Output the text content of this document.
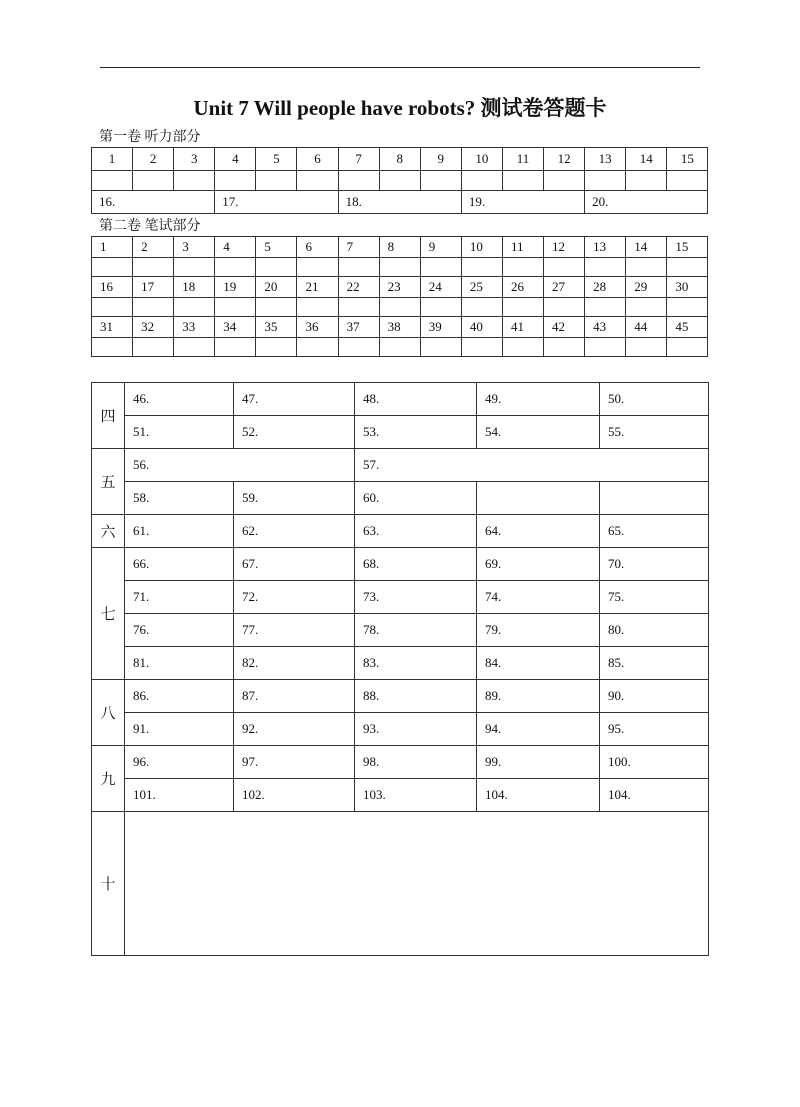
Unit 7 Will people have robots? 测试卷答题卡
第一卷 听力部分
1	2	3	4	5	6	7	8	9	10	11	12	13	14	15

16.			17.			18.			19.			20.		
第二卷 笔试部分
1	2	3	4	5	6	7	8	9	10	11	12	13	14	15

16	17	18	19	20	21	22	23	24	25	26	27	28	29	30

31	32	33	34	35	36	37	38	39	40	41	42	43	44	45

四	46.	47.	48.	49.	50.
	51.	52.	53.	54.	55.
五	56.		57.		
	58.	59.	60.		
六	61.	62.	63.	64.	65.
七	66.	67.	68.	69.	70.
	71.	72.	73.	74.	75.
	76.	77.	78.	79.	80.
	81.	82.	83.	84.	85.
八	86.	87.	88.	89.	90.
	91.	92.	93.	94.	95.
九	96.	97.	98.	99.	100.
	101.	102.	103.	104.	104.
十					
